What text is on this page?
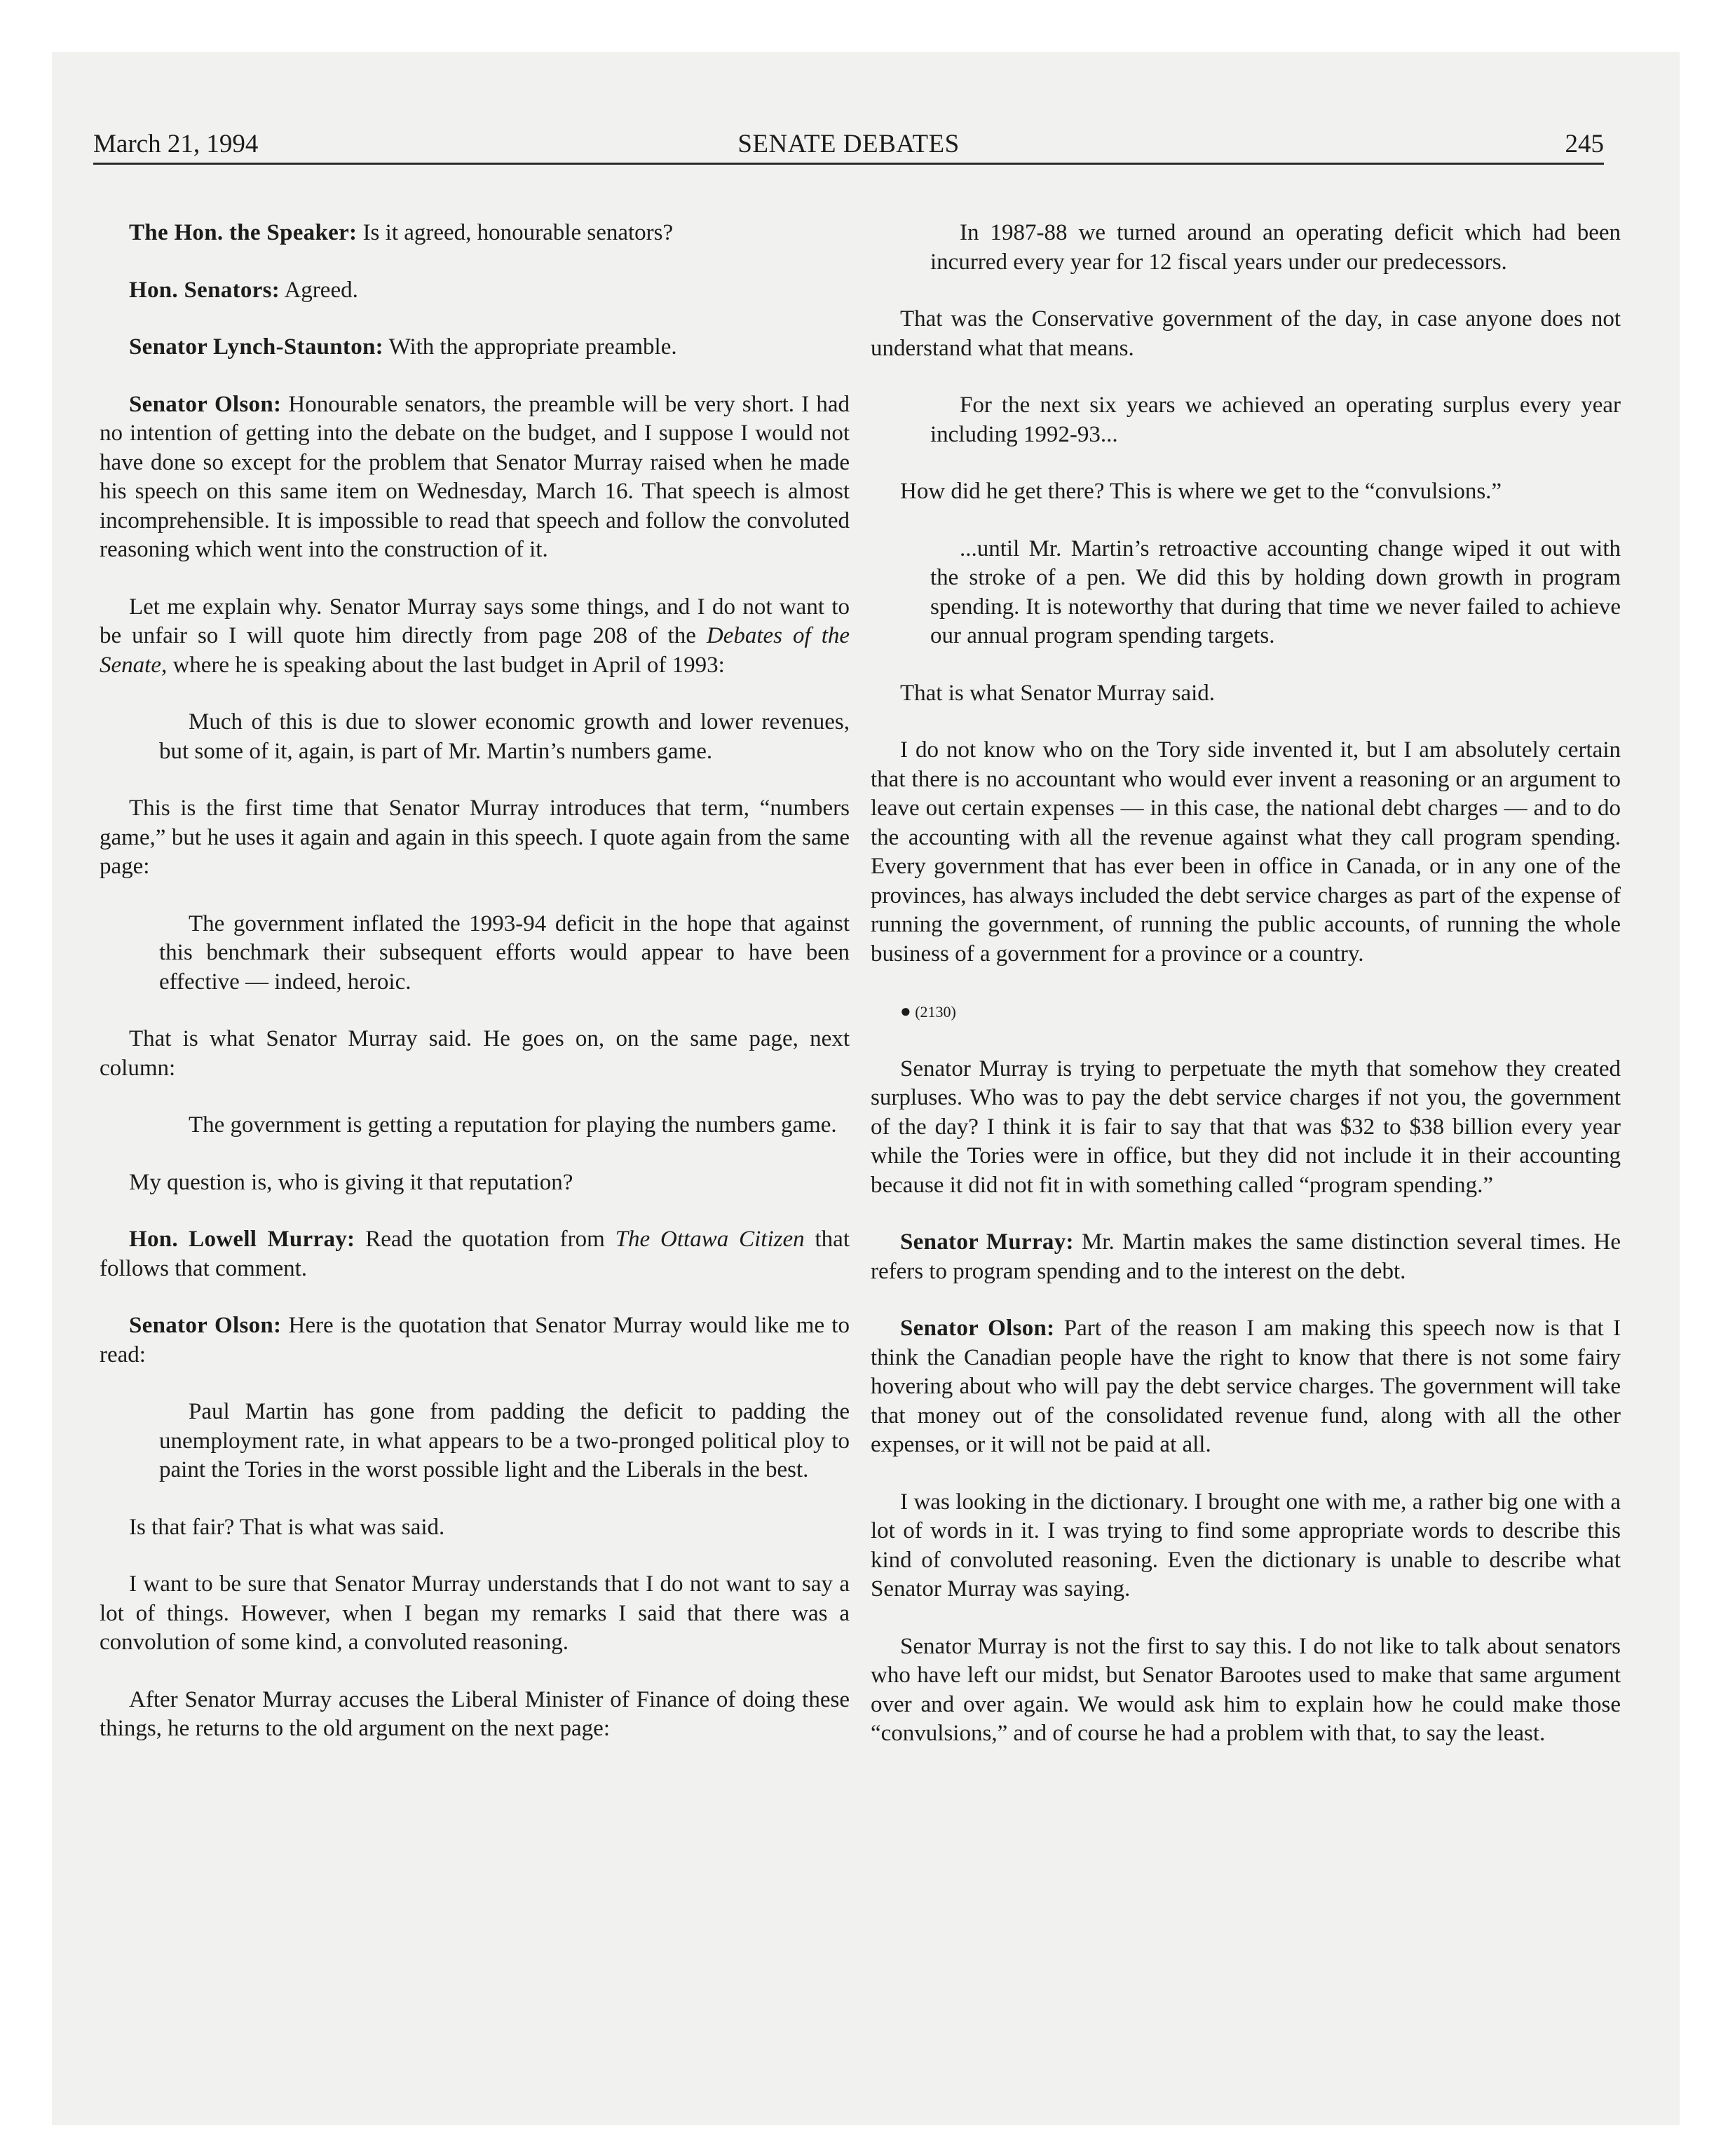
March 21, 1994	SENATE DEBATES	245

The Hon. the Speaker: Is it agreed, honourable senators?

Hon. Senators: Agreed.

Senator Lynch-Staunton: With the appropriate preamble.

Senator Olson: Honourable senators, the preamble will be very short. I had no intention of getting into the debate on the budget, and I suppose I would not have done so except for the problem that Senator Murray raised when he made his speech on this same item on Wednesday, March 16. That speech is almost incomprehensible. It is impossible to read that speech and follow the convoluted reasoning which went into the construction of it.

Let me explain why. Senator Murray says some things, and I do not want to be unfair so I will quote him directly from page 208 of the Debates of the Senate, where he is speaking about the last budget in April of 1993:

Much of this is due to slower economic growth and lower revenues, but some of it, again, is part of Mr. Martin’s numbers game.

This is the first time that Senator Murray introduces that term, “numbers game,” but he uses it again and again in this speech. I quote again from the same page:

The government inflated the 1993-94 deficit in the hope that against this benchmark their subsequent efforts would appear to have been effective — indeed, heroic.

That is what Senator Murray said. He goes on, on the same page, next column:

The government is getting a reputation for playing the numbers game.

My question is, who is giving it that reputation?

Hon. Lowell Murray: Read the quotation from The Ottawa Citizen that follows that comment.

Senator Olson: Here is the quotation that Senator Murray would like me to read:

Paul Martin has gone from padding the deficit to padding the unemployment rate, in what appears to be a two-pronged political ploy to paint the Tories in the worst possible light and the Liberals in the best.

Is that fair? That is what was said.

I want to be sure that Senator Murray understands that I do not want to say a lot of things. However, when I began my remarks I said that there was a convolution of some kind, a convoluted reasoning.

After Senator Murray accuses the Liberal Minister of Finance of doing these things, he returns to the old argument on the next page:

In 1987-88 we turned around an operating deficit which had been incurred every year for 12 fiscal years under our predecessors.

That was the Conservative government of the day, in case anyone does not understand what that means.

For the next six years we achieved an operating surplus every year including 1992-93...

How did he get there? This is where we get to the “convulsions.”

...until Mr. Martin’s retroactive accounting change wiped it out with the stroke of a pen. We did this by holding down growth in program spending. It is noteworthy that during that time we never failed to achieve our annual program spending targets.

That is what Senator Murray said.

I do not know who on the Tory side invented it, but I am absolutely certain that there is no accountant who would ever invent a reasoning or an argument to leave out certain expenses — in this case, the national debt charges — and to do the accounting with all the revenue against what they call program spending. Every government that has ever been in office in Canada, or in any one of the provinces, has always included the debt service charges as part of the expense of running the government, of running the public accounts, of running the whole business of a government for a province or a country.

● (2130)

Senator Murray is trying to perpetuate the myth that somehow they created surpluses. Who was to pay the debt service charges if not you, the government of the day? I think it is fair to say that that was $32 to $38 billion every year while the Tories were in office, but they did not include it in their accounting because it did not fit in with something called “program spending.”

Senator Murray: Mr. Martin makes the same distinction several times. He refers to program spending and to the interest on the debt.

Senator Olson: Part of the reason I am making this speech now is that I think the Canadian people have the right to know that there is not some fairy hovering about who will pay the debt service charges. The government will take that money out of the consolidated revenue fund, along with all the other expenses, or it will not be paid at all.

I was looking in the dictionary. I brought one with me, a rather big one with a lot of words in it. I was trying to find some appropriate words to describe this kind of convoluted reasoning. Even the dictionary is unable to describe what Senator Murray was saying.

Senator Murray is not the first to say this. I do not like to talk about senators who have left our midst, but Senator Barootes used to make that same argument over and over again. We would ask him to explain how he could make those “convulsions,” and of course he had a problem with that, to say the least.
